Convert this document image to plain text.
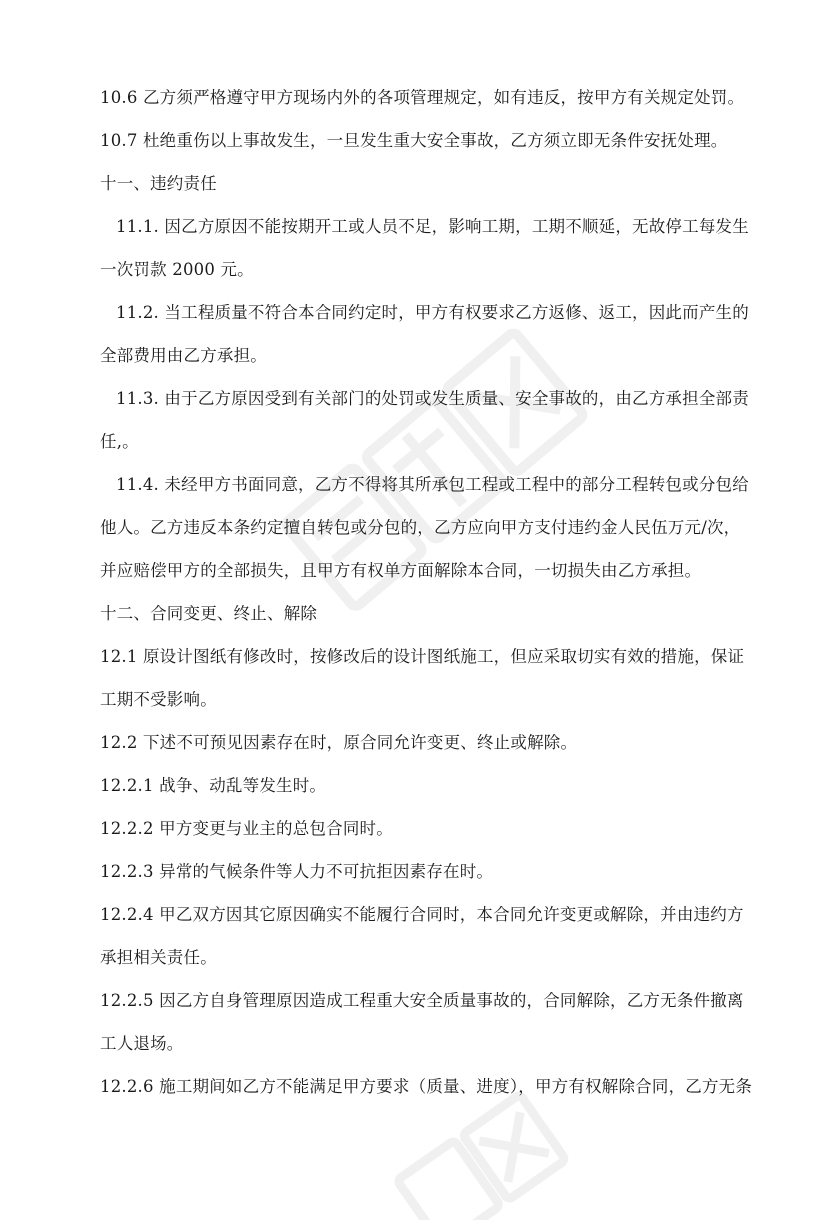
10.6 乙方须严格遵守甲方现场内外的各项管理规定，如有违反，按甲方有关规定处罚。
10.7 杜绝重伤以上事故发生，一旦发生重大安全事故，乙方须立即无条件安抚处理。
十一、违约责任
11.1. 因乙方原因不能按期开工或人员不足，影响工期，工期不顺延，无故停工每发生
一次罚款 2000 元。
11.2. 当工程质量不符合本合同约定时，甲方有权要求乙方返修、返工，因此而产生的
全部费用由乙方承担。
11.3. 由于乙方原因受到有关部门的处罚或发生质量、安全事故的，由乙方承担全部责
任,。
11.4. 未经甲方书面同意，乙方不得将其所承包工程或工程中的部分工程转包或分包给
他人。乙方违反本条约定擅自转包或分包的，乙方应向甲方支付违约金人民伍万元/次，
并应赔偿甲方的全部损失，且甲方有权单方面解除本合同，一切损失由乙方承担。
十二、合同变更、终止、解除
12.1 原设计图纸有修改时，按修改后的设计图纸施工，但应采取切实有效的措施，保证
工期不受影响。
12.2 下述不可预见因素存在时，原合同允许变更、终止或解除。
12.2.1 战争、动乱等发生时。
12.2.2 甲方变更与业主的总包合同时。
12.2.3 异常的气候条件等人力不可抗拒因素存在时。
12.2.4 甲乙双方因其它原因确实不能履行合同时，本合同允许变更或解除，并由违约方
承担相关责任。
12.2.5 因乙方自身管理原因造成工程重大安全质量事故的，合同解除，乙方无条件撤离
工人退场。
12.2.6 施工期间如乙方不能满足甲方要求（质量、进度），甲方有权解除合同，乙方无条
